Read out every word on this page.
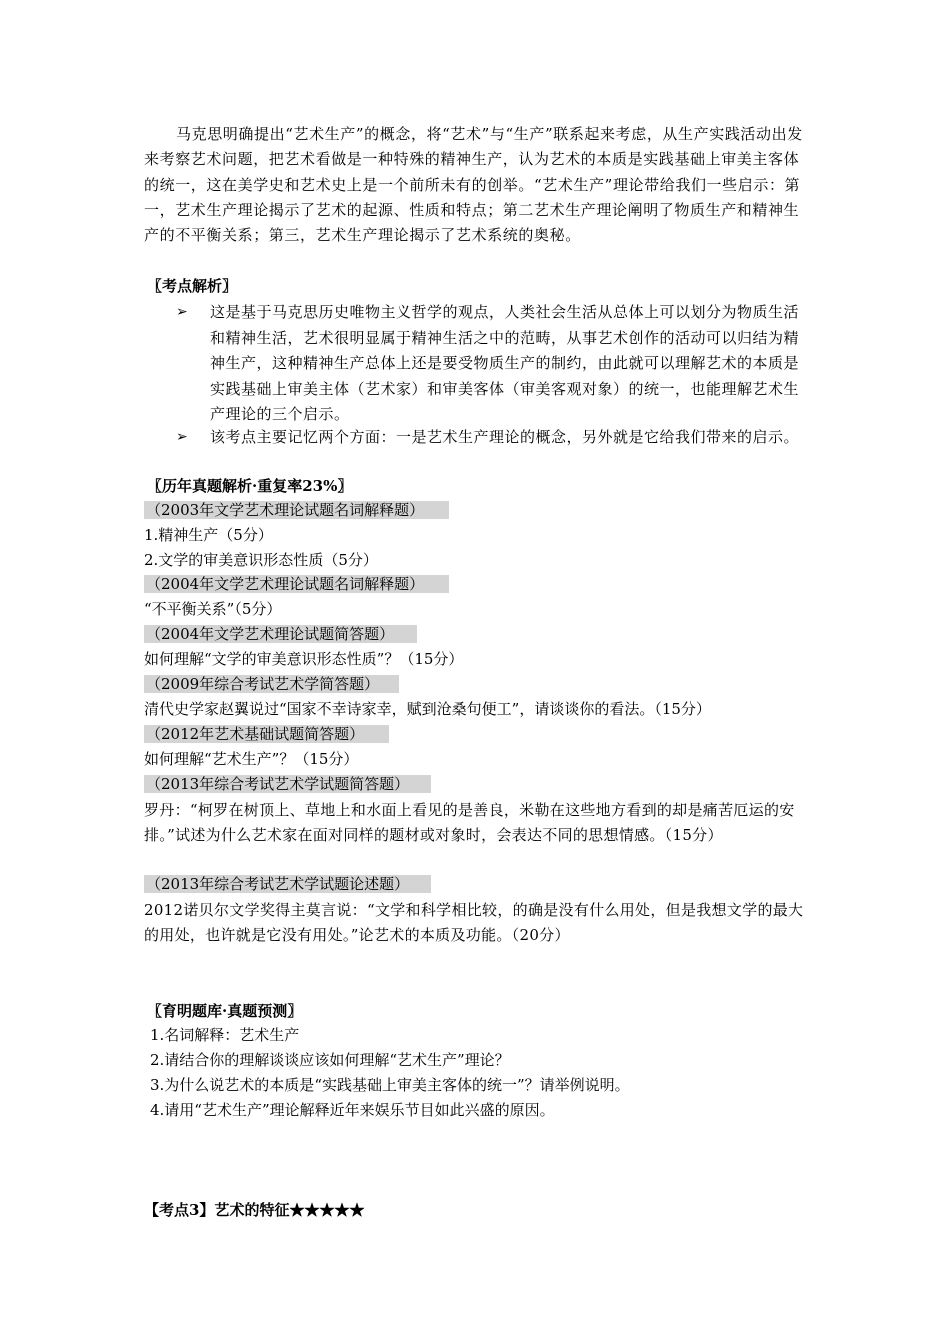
马克思明确提出“艺术生产”的概念，将“艺术”与“生产”联系起来考虑，从生产实践活动出发来考察艺术问题，把艺术看做是一种特殊的精神生产，认为艺术的本质是实践基础上审美主客体的统一，这在美学史和艺术史上是一个前所未有的创举。“艺术生产”理论带给我们一些启示：第一，艺术生产理论揭示了艺术的起源、性质和特点；第二艺术生产理论阐明了物质生产和精神生产的不平衡关系；第三，艺术生产理论揭示了艺术系统的奥秘。
〖考点解析〗
➢ 这是基于马克思历史唯物主义哲学的观点，人类社会生活从总体上可以划分为物质生活和精神生活，艺术很明显属于精神生活之中的范畴，从事艺术创作的活动可以归结为精神生产，这种精神生产总体上还是要受物质生产的制约，由此就可以理解艺术的本质是实践基础上审美主体（艺术家）和审美客体（审美客观对象）的统一，也能理解艺术生产理论的三个启示。
➢ 该考点主要记忆两个方面：一是艺术生产理论的概念，另外就是它给我们带来的启示。
〖历年真题解析·重复率23%〗
（2003年文学艺术理论试题名词解释题）
1.精神生产（5分）
2.文学的审美意识形态性质（5分）
（2004年文学艺术理论试题名词解释题）
“不平衡关系”（5分）
（2004年文学艺术理论试题简答题）
如何理解“文学的审美意识形态性质”？（15分）
（2009年综合考试艺术学简答题）
清代史学家赵翼说过“国家不幸诗家幸，赋到沧桑句便工”，请谈谈你的看法。（15分）
（2012年艺术基础试题简答题）
如何理解“艺术生产”？（15分）
（2013年综合考试艺术学试题简答题）
罗丹：“柯罗在树顶上、草地上和水面上看见的是善良，米勒在这些地方看到的却是痛苦厄运的安排。”试述为什么艺术家在面对同样的题材或对象时，会表达不同的思想情感。（15分）
（2013年综合考试艺术学试题论述题）
2012诺贝尔文学奖得主莫言说：“文学和科学相比较，的确是没有什么用处，但是我想文学的最大的用处，也许就是它没有用处。”论艺术的本质及功能。（20分）
〖育明题库·真题预测〗
1.名词解释：艺术生产
2.请结合你的理解谈谈应该如何理解“艺术生产”理论？
3.为什么说艺术的本质是“实践基础上审美主客体的统一”？请举例说明。
4.请用“艺术生产”理论解释近年来娱乐节目如此兴盛的原因。
【考点3】艺术的特征★★★★★
